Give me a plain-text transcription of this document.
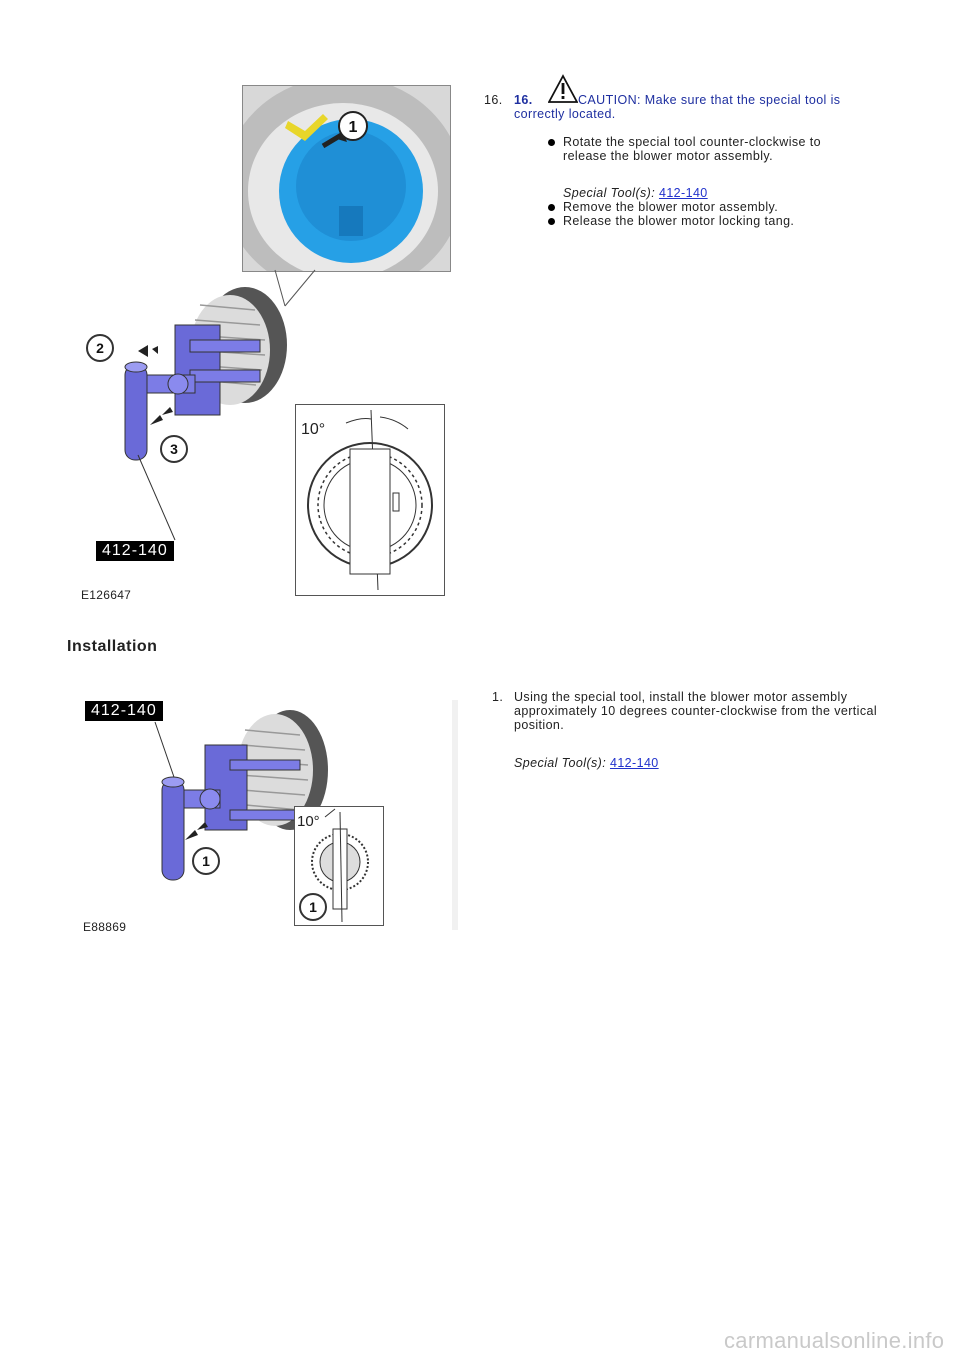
1
2
3
412-140
E126647
10°
16. 16.	CAUTION: Make sure that the special tool is correctly located.
Rotate the special tool counter-clockwise to release the blower motor assembly.
Special Tool(s): 412-140
Remove the blower motor assembly.
Release the blower motor locking tang.
Installation
1. Using the special tool, install the blower motor assembly approximately 10 degrees counter-clockwise from the vertical position.
Special Tool(s): 412-140
412-140
1
E88869
10°
1
carmanualsonline.info
